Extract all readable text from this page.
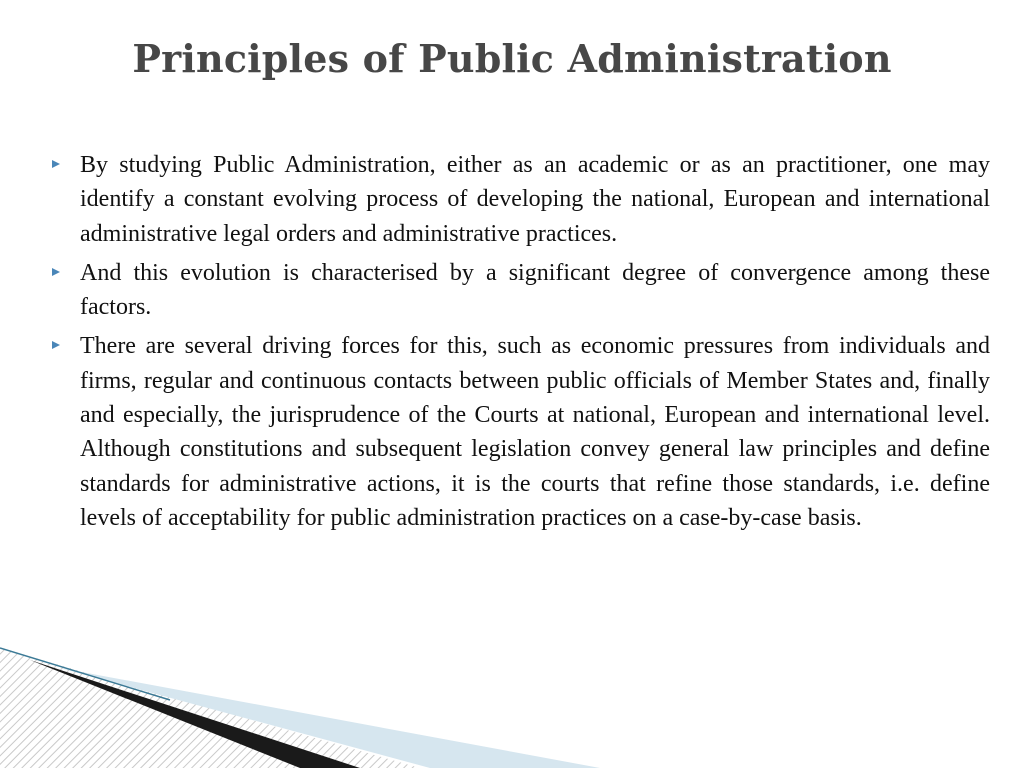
Principles of Public Administration
By studying Public Administration, either as an academic or as an practitioner, one may identify a constant evolving process of developing the national, European and international administrative legal orders and administrative practices.
And this evolution is characterised by a significant degree of convergence among these factors.
There are several driving forces for this, such as economic pressures from individuals and firms, regular and continuous contacts between public officials of Member States and, finally and especially, the jurisprudence of the Courts at national, European and international level. Although constitutions and subsequent legislation convey general law principles and define standards for administrative actions, it is the courts that refine those standards, i.e. define levels of acceptability for public administration practices on a case-by-case basis.
